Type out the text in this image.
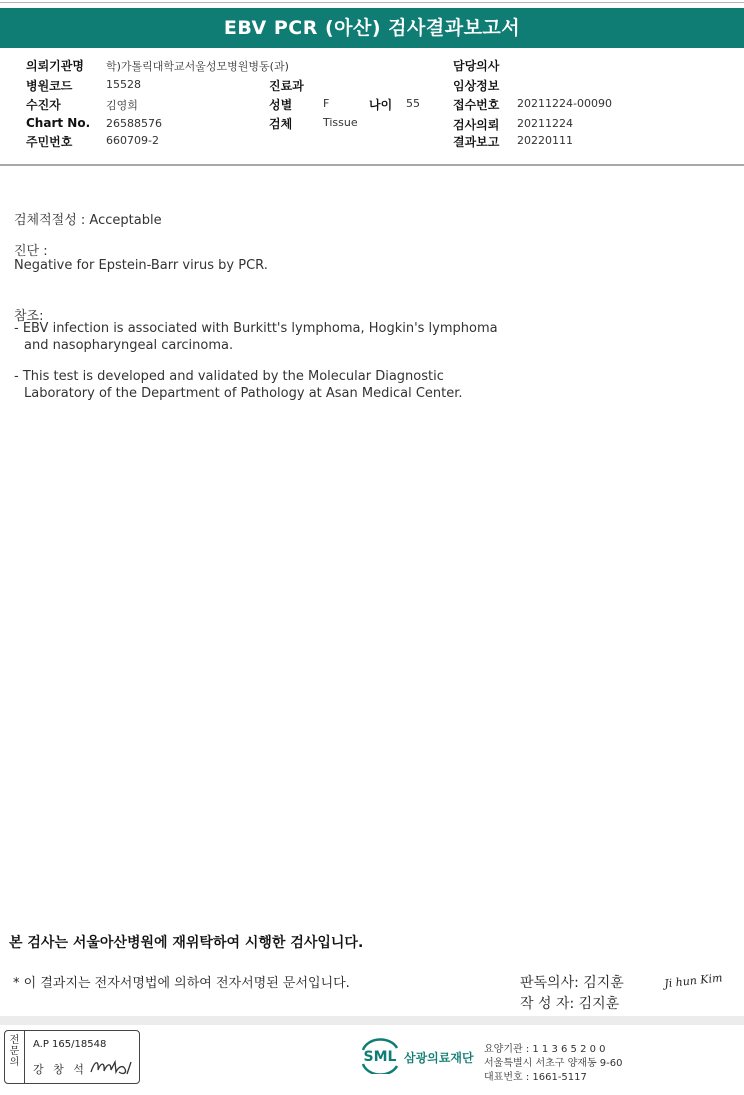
EBV PCR (아산) 검사결과보고서
의뢰기관명 학)가톨릭대학교서울성모병원병동(과)
병원코드	15528
수진자	김영희
Chart No. 26588576
주민번호	660709-2
진료과
성별	F	나이 55
검체	Tissue
담당의사
임상정보
접수번호 20211224-00090
검사의뢰 20211224
결과보고 20220111
검체적절성 : Acceptable
진단 :
Negative for Epstein-Barr virus by PCR.
참조:
- EBV infection is associated with Burkitt's lymphoma, Hogkin's lymphoma
and nasopharyngeal carcinoma.
- This test is developed and validated by the Molecular Diagnostic
Laboratory of the Department of Pathology at Asan Medical Center.
본 검사는 서울아산병원에 재위탁하여 시행한 검사입니다.
* 이 결과지는 전자서명법에 의하여 전자서명된 문서입니다.	판독의사: 김지훈	Ji hun Kim
작 성 자: 김지훈
전문의
A.P 165/18548
강 창 석
SML 삼광의료재단
요양기관 : 1 1 3 6 5 2 0 0
서울특별시 서초구 양재동 9-60
대표번호 : 1661-5117
